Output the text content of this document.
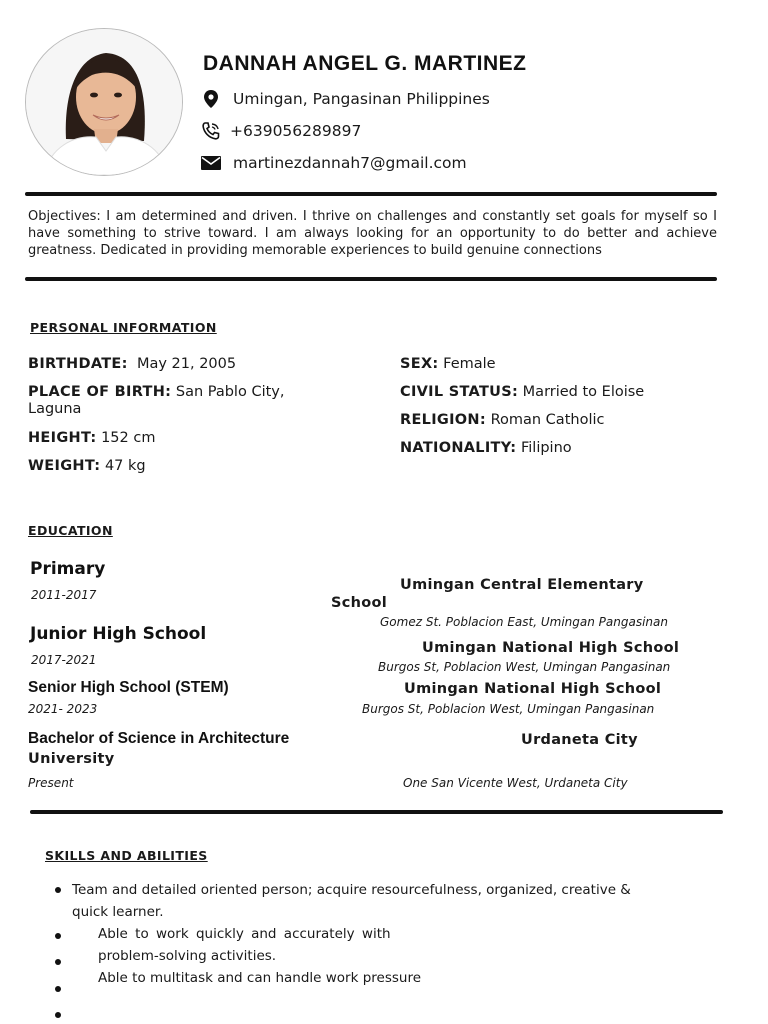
DANNAH ANGEL G. MARTINEZ
Umingan, Pangasinan Philippines
+639056289897
martinezdannah7@gmail.com
Objectives: I am determined and driven. I thrive on challenges and constantly set goals for myself so I have something to strive toward. I am always looking for an opportunity to do better and achieve greatness. Dedicated in providing memorable experiences to build genuine connections
PERSONAL INFORMATION
BIRTHDATE: May 21, 2005
PLACE OF BIRTH: San Pablo City,
Laguna
HEIGHT: 152 cm
WEIGHT: 47 kg
SEX: Female
CIVIL STATUS: Married to Eloise
RELIGION: Roman Catholic
NATIONALITY: Filipino
EDUCATION
Primary
2011-2017
Umingan Central Elementary
School
Gomez St. Poblacion East, Umingan Pangasinan
Junior High School
2017-2021
Umingan National High School
Burgos St, Poblacion West, Umingan Pangasinan
Senior High School (STEM)
2021- 2023
Umingan National High School
Burgos St, Poblacion West, Umingan Pangasinan
Bachelor of Science in Architecture	Urdaneta City
University
Present	One San Vicente West, Urdaneta City
SKILLS AND ABILITIES
Team and detailed oriented person; acquire resourcefulness, organized, creative &
quick learner.
Able to work quickly and accurately with
problem-solving activities.
Able to multitask and can handle work pressure
